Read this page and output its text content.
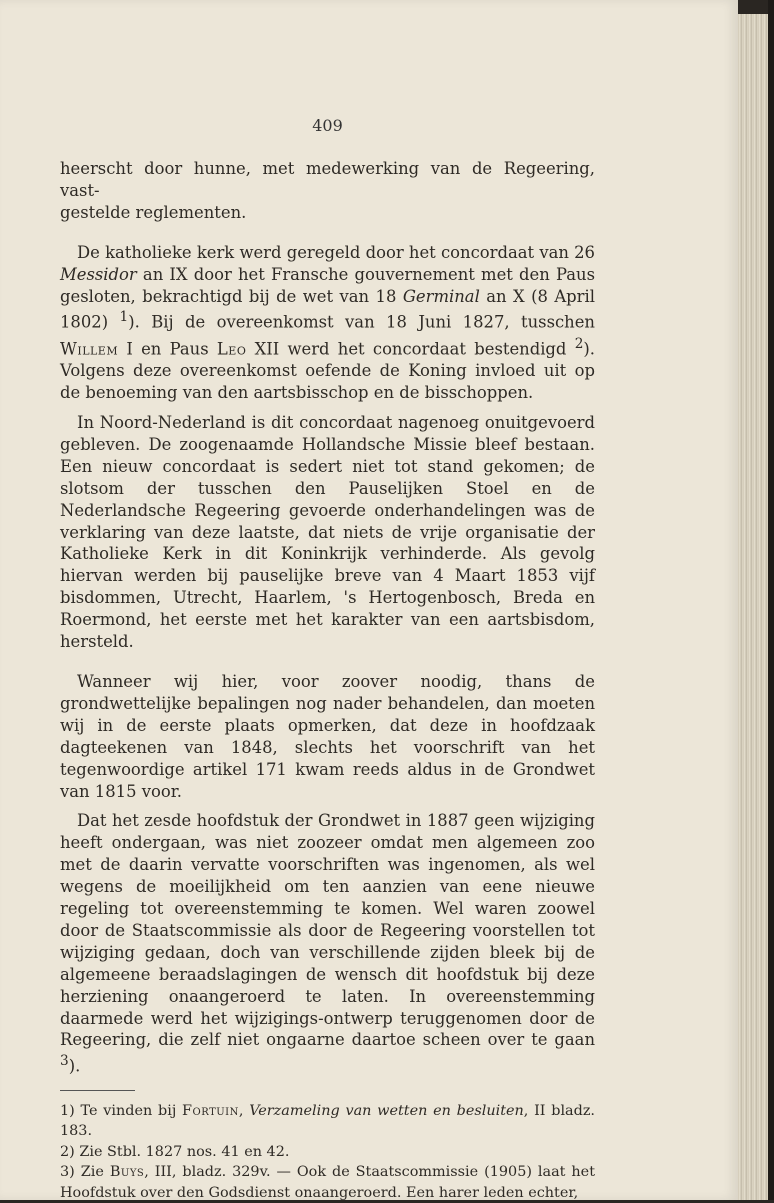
409

heerscht door hunne, met medewerking van de Regeering, vast-
gestelde reglementen.

De katholieke kerk werd geregeld door het concordaat van 26 Messidor an IX door het Fransche gouvernement met den Paus gesloten, bekrachtigd bij de wet van 18 Germinal an X (8 April 1802) $^1$). Bij de overeenkomst van 18 Juni 1827, tusschen Willem I en Paus Leo XII werd het concordaat bestendigd $^2$). Volgens deze overeenkomst oefende de Koning invloed uit op de benoeming van den aartsbisschop en de bisschoppen.

In Noord-Nederland is dit concordaat nagenoeg onuitgevoerd gebleven. De zoogenaamde Hollandsche Missie bleef bestaan. Een nieuw concordaat is sedert niet tot stand gekomen; de slotsom der tusschen den Pauselijken Stoel en de Nederlandsche Regeering gevoerde onderhandelingen was de verklaring van deze laatste, dat niets de vrije organisatie der Katholieke Kerk in dit Koninkrijk verhinderde. Als gevolg hiervan werden bij pauselijke breve van 4 Maart 1853 vijf bisdommen, Utrecht, Haarlem, 's Hertogenbosch, Breda en Roermond, het eerste met het karakter van een aartsbisdom, hersteld.

Wanneer wij hier, voor zoover noodig, thans de grondwettelijke bepalingen nog nader behandelen, dan moeten wij in de eerste plaats opmerken, dat deze in hoofdzaak dagteekenen van 1848, slechts het voorschrift van het tegenwoordige artikel 171 kwam reeds aldus in de Grondwet van 1815 voor.

Dat het zesde hoofdstuk der Grondwet in 1887 geen wijziging heeft ondergaan, was niet zoozeer omdat men algemeen zoo met de daarin vervatte voorschriften was ingenomen, als wel wegens de moeilijkheid om ten aanzien van eene nieuwe regeling tot overeenstemming te komen. Wel waren zoowel door de Staatscommissie als door de Regeering voorstellen tot wijziging gedaan, doch van verschillende zijden bleek bij de algemeene beraadslagingen de wensch dit hoofdstuk bij deze herziening onaangeroerd te laten. In overeenstemming daarmede werd het wijzigings-ontwerp teruggenomen door de Regeering, die zelf niet ongaarne daartoe scheen over te gaan $^3$).

1) Te vinden bij Fortuin, Verzameling van wetten en besluiten, II bladz. 183.

2) Zie Stbl. 1827 nos. 41 en 42.

3) Zie Buys, III, bladz. 329v. — Ook de Staatscommissie (1905) laat het Hoofdstuk over den Godsdienst onaangeroerd. Een harer leden echter,
